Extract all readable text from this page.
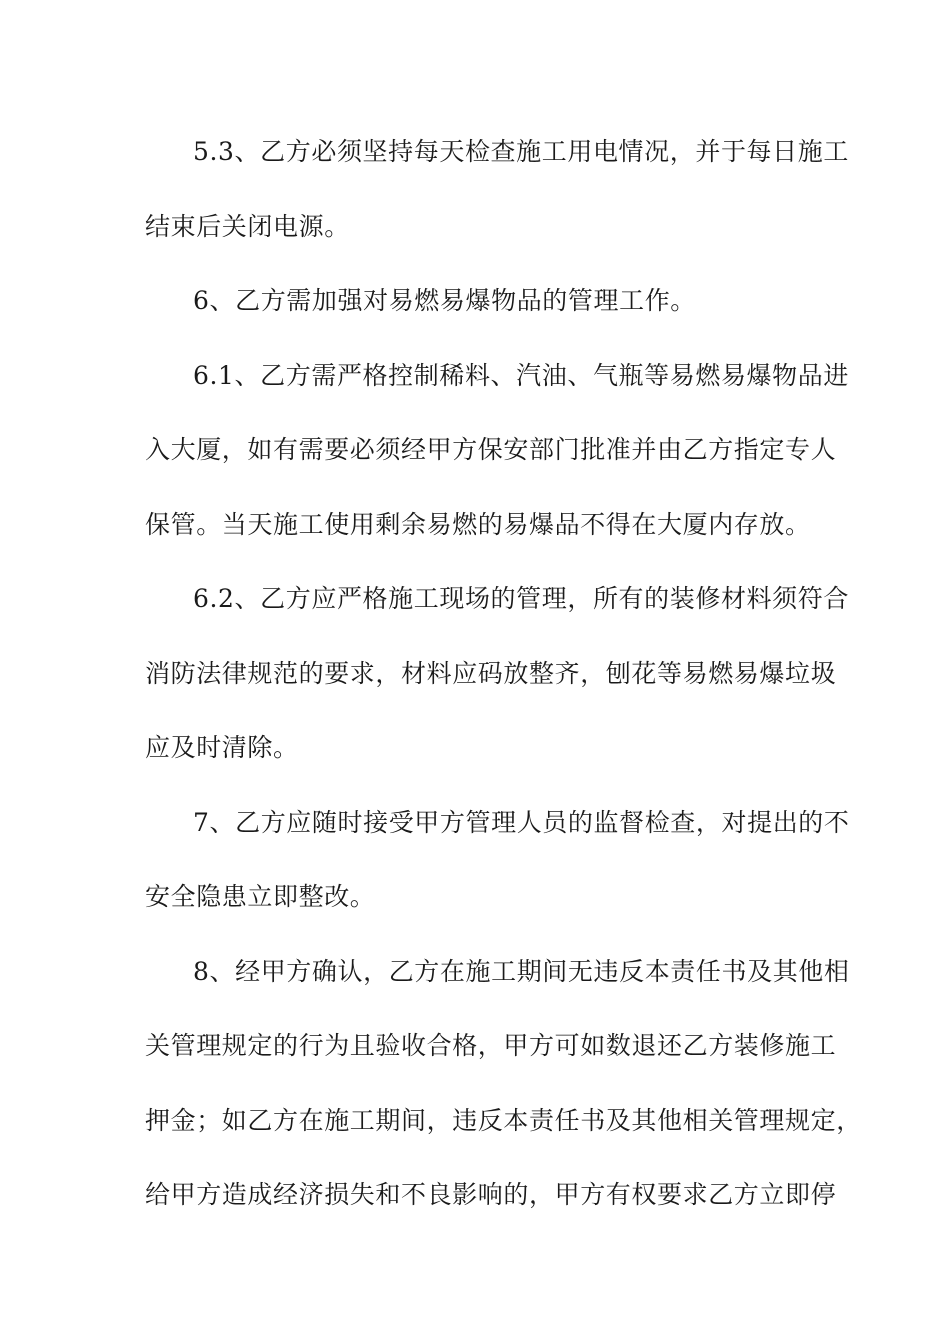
5.3、乙方必须坚持每天检查施工用电情况，并于每日施工
结束后关闭电源。
6、乙方需加强对易燃易爆物品的管理工作。
6.1、乙方需严格控制稀料、汽油、气瓶等易燃易爆物品进
入大厦，如有需要必须经甲方保安部门批准并由乙方指定专人
保管。当天施工使用剩余易燃的易爆品不得在大厦内存放。
6.2、乙方应严格施工现场的管理，所有的装修材料须符合
消防法律规范的要求，材料应码放整齐，刨花等易燃易爆垃圾
应及时清除。
7、乙方应随时接受甲方管理人员的监督检查，对提出的不
安全隐患立即整改。
8、经甲方确认，乙方在施工期间无违反本责任书及其他相
关管理规定的行为且验收合格，甲方可如数退还乙方装修施工
押金；如乙方在施工期间，违反本责任书及其他相关管理规定，
给甲方造成经济损失和不良影响的，甲方有权要求乙方立即停
